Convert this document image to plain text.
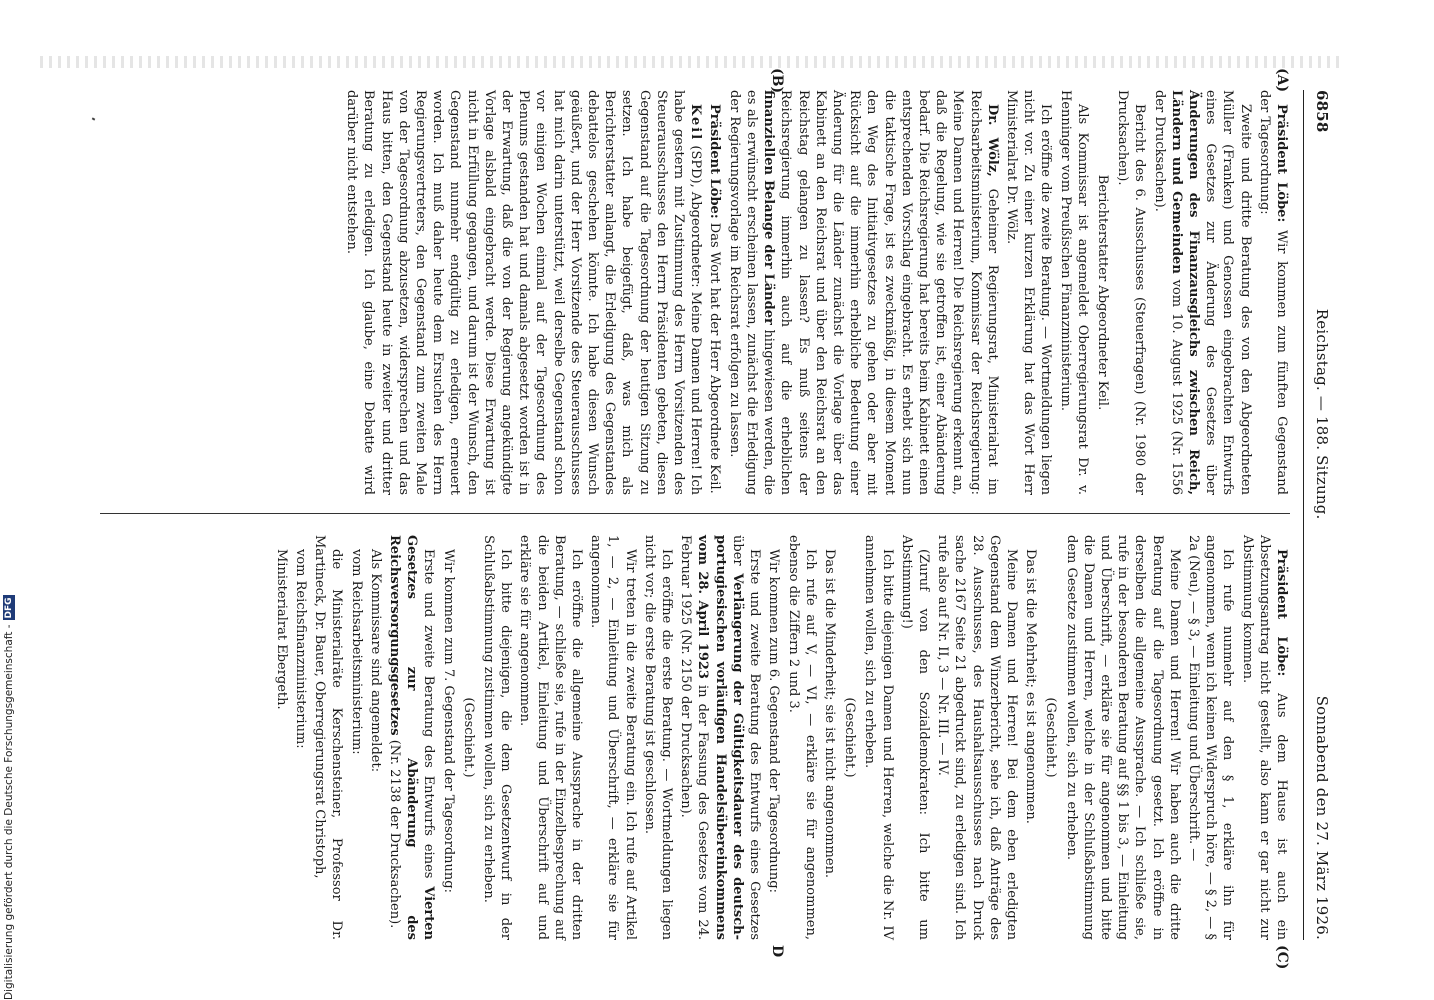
6858
Reichstag. — 188. Sitzung.
Sonnabend den 27. März 1926.
(A)
(B)

Präsident Löbe: Wir kommen zum fünften Gegenstand der Tagesordnung:

Zweite und dritte Beratung des von den Abgeordneten Müller (Franken) und Genossen eingebrachten Entwurfs eines Gesetzes zur Änderung des Gesetzes über Änderungen des Finanzausgleichs zwischen Reich, Ländern und Gemeinden vom 10. August 1925 (Nr. 1556 der Drucksachen).

Bericht des 6. Ausschusses (Steuerfragen) (Nr. 1980 der Drucksachen).

Berichterstatter Abgeordneter Keil.

Als Kommissar ist angemeldet Oberregierungsrat Dr. v. Henninger vom Preußischen Finanzministerium.

Ich eröffne die zweite Beratung. — Wortmeldungen liegen nicht vor. Zu einer kurzen Erklärung hat das Wort Herr Ministerialrat Dr. Wölz.

Dr. Wölz, Geheimer Regierungsrat, Ministerialrat im Reichsarbeitsministerium, Kommissar der Reichsregierung: Meine Damen und Herren! Die Reichsregierung erkennt an, daß die Regelung, wie sie getroffen ist, einer Abänderung bedarf. Die Reichsregierung hat bereits beim Kabinett einen entsprechenden Vorschlag eingebracht. Es erhebt sich nun die taktische Frage, ist es zweckmäßig, in diesem Moment den Weg des Initiativgesetzes zu gehen oder aber mit Rücksicht auf die immerhin erhebliche Bedeutung einer Änderung für die Länder zunächst die Vorlage über das Kabinett an den Reichsrat und über den Reichsrat an den Reichstag gelangen zu lassen? Es muß seitens der Reichsregierung immerhin auch auf die erheblichen finanziellen Belange der Länder hingewiesen werden, die es als erwünscht erscheinen lassen, zunächst die Erledigung der Regierungsvorlage im Reichsrat erfolgen zu lassen.

Präsident Löbe: Das Wort hat der Herr Abgeordnete Keil.

Keil (SPD), Abgeordneter: Meine Damen und Herren! Ich habe gestern mit Zustimmung des Herrn Vorsitzenden des Steuerausschusses den Herrn Präsidenten gebeten, diesen Gegenstand auf die Tagesordnung der heutigen Sitzung zu setzen. Ich habe beigefügt, daß, was mich als Berichterstatter anlangt, die Erledigung des Gegenstandes debattelos geschehen könnte. Ich habe diesen Wunsch geäußert, und der Herr Vorsitzende des Steuerausschusses hat mich darin unterstützt, weil derselbe Gegenstand schon vor einigen Wochen einmal auf der Tagesordnung des Plenums gestanden hat und damals abgesetzt worden ist in der Erwartung, daß die von der Regierung angekündigte Vorlage alsbald eingebracht werde. Diese Erwartung ist nicht in Erfüllung gegangen, und darum ist der Wunsch, den Gegenstand nunmehr endgültig zu erledigen, erneuert worden. Ich muß daher heute dem Ersuchen des Herrn Regierungsvertreters, den Gegenstand zum zweiten Male von der Tagesordnung abzusetzen, widersprechen und das Haus bitten, den Gegenstand heute in zweiter und dritter Beratung zu erledigen. Ich glaube, eine Debatte wird darüber nicht entstehen.

(C)
D

Präsident Löbe: Aus dem Hause ist auch ein Absetzungsantrag nicht gestellt, also kann er gar nicht zur Abstimmung kommen.

Ich rufe nunmehr auf den § 1, erkläre ihn für angenommen, wenn ich keinen Widerspruch höre, — § 2, — § 2a (Neu), — § 3, — Einleitung und Überschrift. —

Meine Damen und Herren! Wir haben auch die dritte Beratung auf die Tagesordnung gesetzt. Ich eröffne in derselben die allgemeine Aussprache. — Ich schließe sie, rufe in der besonderen Beratung auf §§ 1 bis 3, — Einleitung und Überschrift, — erkläre sie für angenommen und bitte die Damen und Herren, welche in der Schlußabstimmung dem Gesetze zustimmen wollen, sich zu erheben.

(Geschieht.)

Das ist die Mehrheit; es ist angenommen.

Meine Damen und Herren! Bei dem eben erledigten Gegenstand dem Winzerbericht, sehe ich, daß Anträge des 28. Ausschusses, des Haushaltsausschusses nach Druck sache 2167 Seite 21 abgedruckt sind, zu erledigen sind. Ich rufe also auf Nr. II, 3 — Nr. III. — IV.

(Zuruf von den Sozialdemokraten: Ich bitte um Abstimmung!)

Ich bitte diejenigen Damen und Herren, welche die Nr. IV annehmen wollen, sich zu erheben.

(Geschieht.)

Das ist die Minderheit; sie ist nicht angenommen.

Ich rufe auf V, — VI, — erkläre sie für angenommen, ebenso die Ziffern 2 und 3.

Wir kommen zum 6. Gegenstand der Tagesordnung:

Erste und zweite Beratung des Entwurfs eines Gesetzes über Verlängerung der Gültigkeitsdauer des deutsch-portugiesischen vorläufigen Handelsübereinkommens vom 28. April 1923 in der Fassung des Gesetzes vom 24. Februar 1925 (Nr. 2150 der Drucksachen).

Ich eröffne die erste Beratung. — Wortmeldungen liegen nicht vor; die erste Beratung ist geschlossen.

Wir treten in die zweite Beratung ein. Ich rufe auf Artikel 1, — 2, — Einleitung und Überschrift, — erkläre sie für angenommen.

Ich eröffne die allgemeine Aussprache in der dritten Beratung, — schließe sie, rufe in der Einzelbesprechung auf die beiden Artikel, Einleitung und Überschrift auf und erkläre sie für angenommen.

Ich bitte diejenigen, die dem Gesetzentwurf in der Schlußabstimmung zustimmen wollen, sich zu erheben.

(Geschieht.)

Wir kommen zum 7. Gegenstand der Tagesordnung:

Erste und zweite Beratung des Entwurfs eines Vierten Gesetzes zur Abänderung des Reichsversorgungsgesetzes (Nr. 2138 der Drucksachen).

Als Kommissare sind angemeldet:

vom Reichsarbeitsministerium:

die Ministerialräte Kerschensteiner, Professor Dr. Martineck, Dr. Bauer, Oberregierungsrat Christoph,

vom Reichsfinanzministerium:

Ministerialrat Ebergeth.

Digitalisierung gefördert durch die Deutsche Forschungsgemeinschaft -
DFG
